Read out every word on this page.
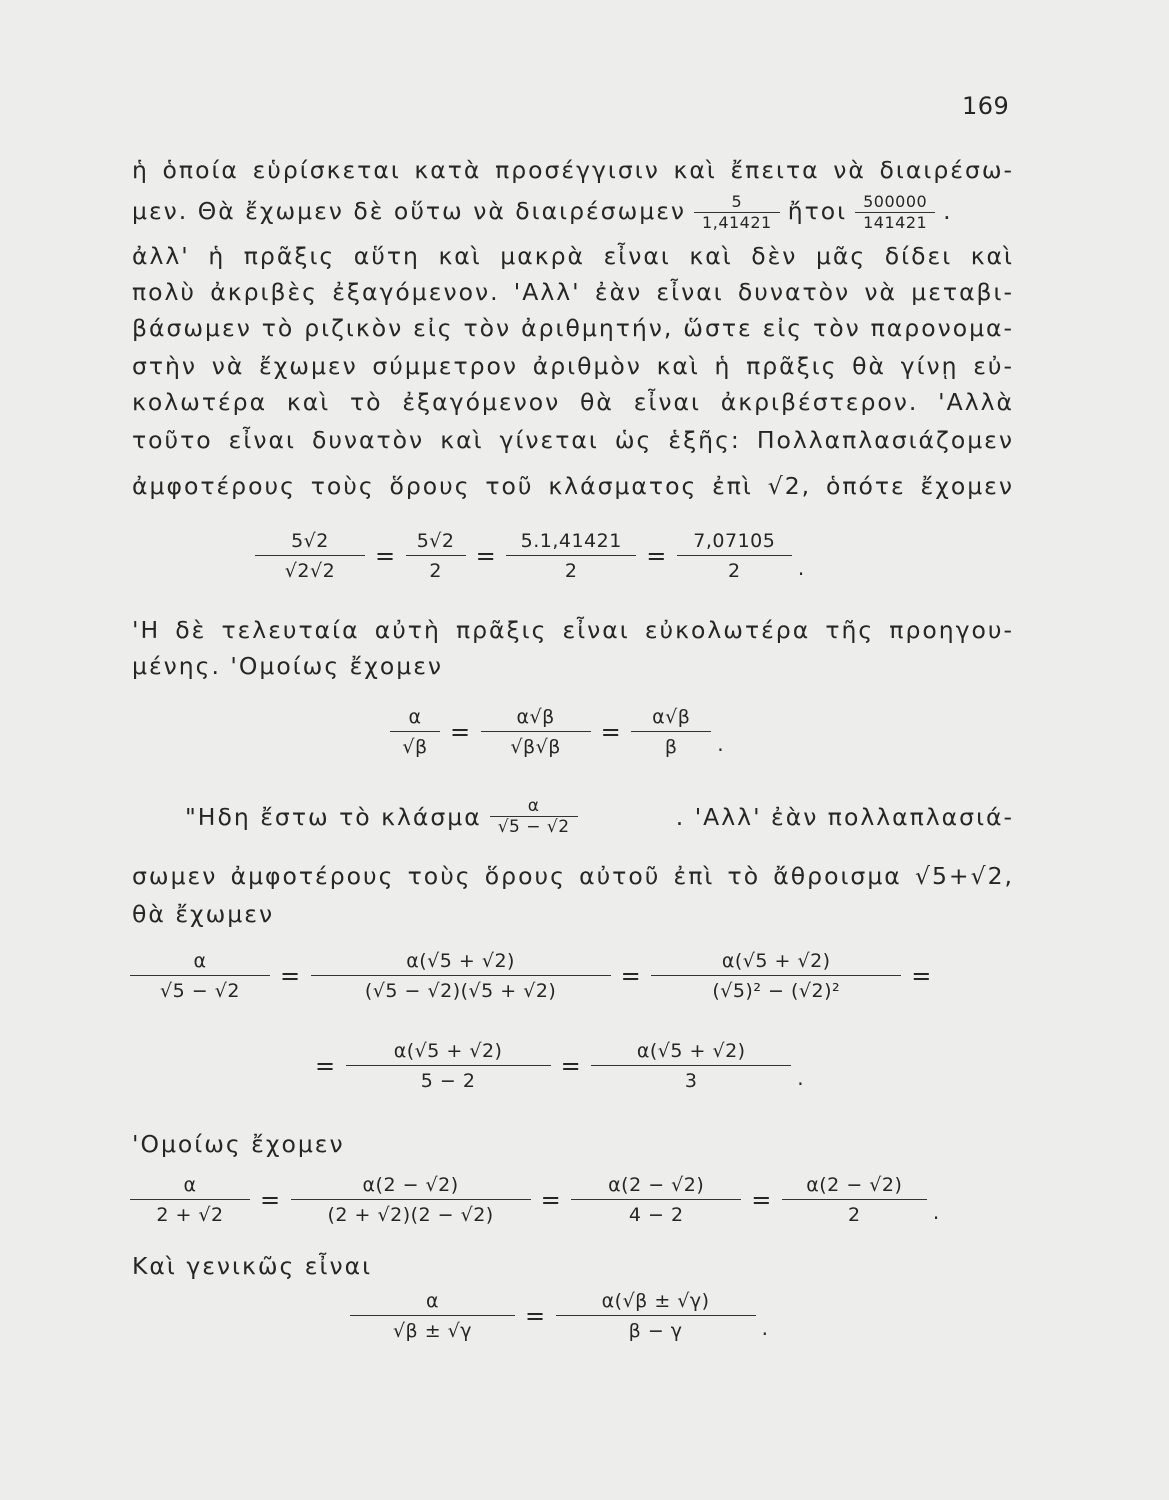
169
ἡ ὁποία εὑρίσκεται κατὰ προσέγγισιν καὶ ἔπειτα νὰ διαιρέσω-
μεν. Θὰ ἔχωμεν δὲ οὕτω νὰ διαιρέσωμεν $\frac{5}{1,41421}$ ἤτοι $\frac{500000}{141421}$ .
ἀλλ' ἡ πρᾶξις αὕτη καὶ μακρὰ εἶναι καὶ δὲν μᾶς δίδει καὶ
πολὺ ἀκριβὲς ἐξαγόμενον. 'Αλλ' ἐὰν εἶναι δυνατὸν νὰ μεταβι-
βάσωμεν τὸ ριζικὸν εἰς τὸν ἀριθμητήν, ὥστε εἰς τὸν παρονομα-
στὴν νὰ ἔχωμεν σύμμετρον ἀριθμὸν καὶ ἡ πρᾶξις θὰ γίνῃ εὐ-
κολωτέρα καὶ τὸ ἐξαγόμενον θὰ εἶναι ἀκριβέστερον. 'Αλλὰ
τοῦτο εἶναι δυνατὸν καὶ γίνεται ὡς ἑξῆς: Πολλαπλασιάζομεν
ἀμφοτέρους τοὺς ὅρους τοῦ κλάσματος ἐπὶ √2, ὁπότε ἔχομεν
$\frac{5√2}{√2√2} = \frac{5√2}{2} = \frac{5.1,41421}{2} = \frac{7,07105}{2}$ .
'Η δὲ τελευταία αὐτὴ πρᾶξις εἶναι εὐκολωτέρα τῆς προηγου-
μένης. 'Ομοίως ἔχομεν
$\frac{\alpha}{√\beta} = \frac{\alpha√\beta}{√\beta√\beta} = \frac{\alpha√\beta}{\beta}$ .
"Ηδη ἔστω τὸ κλάσμα $\frac{\alpha}{√5 - √2}$	. 'Αλλ' ἐὰν πολλαπλασιά-
σωμεν ἀμφοτέρους τοὺς ὅρους αὐτοῦ ἐπὶ τὸ ἄθροισμα √5+√2,
θὰ ἔχωμεν
$\frac{\alpha}{√5 - √2} = \frac{\alpha(√5 + √2)}{(√5 - √2)(√5 + √2)} = \frac{\alpha(√5 + √2)}{\text{(√5)² − (√2)²}}$ =
= $\frac{\alpha(√5 + √2)}{5 - 2} = \frac{\alpha(√5 + √2)}{3}$ .
'Ομοίως ἔχομεν
$\frac{\alpha}{2 + √2} = \frac{\alpha(2 - √2)}{(2 + √2)(2 - √2)} = \frac{\alpha(2 - √2)}{4 - 2} = \frac{\alpha(2 - √2)}{2}$ .
Καὶ γενικῶς εἶναι
$\frac{\alpha}{√\beta \pm √\gamma} = \frac{\alpha(√\beta \pm √\gamma)}{\beta - \gamma}$ .
